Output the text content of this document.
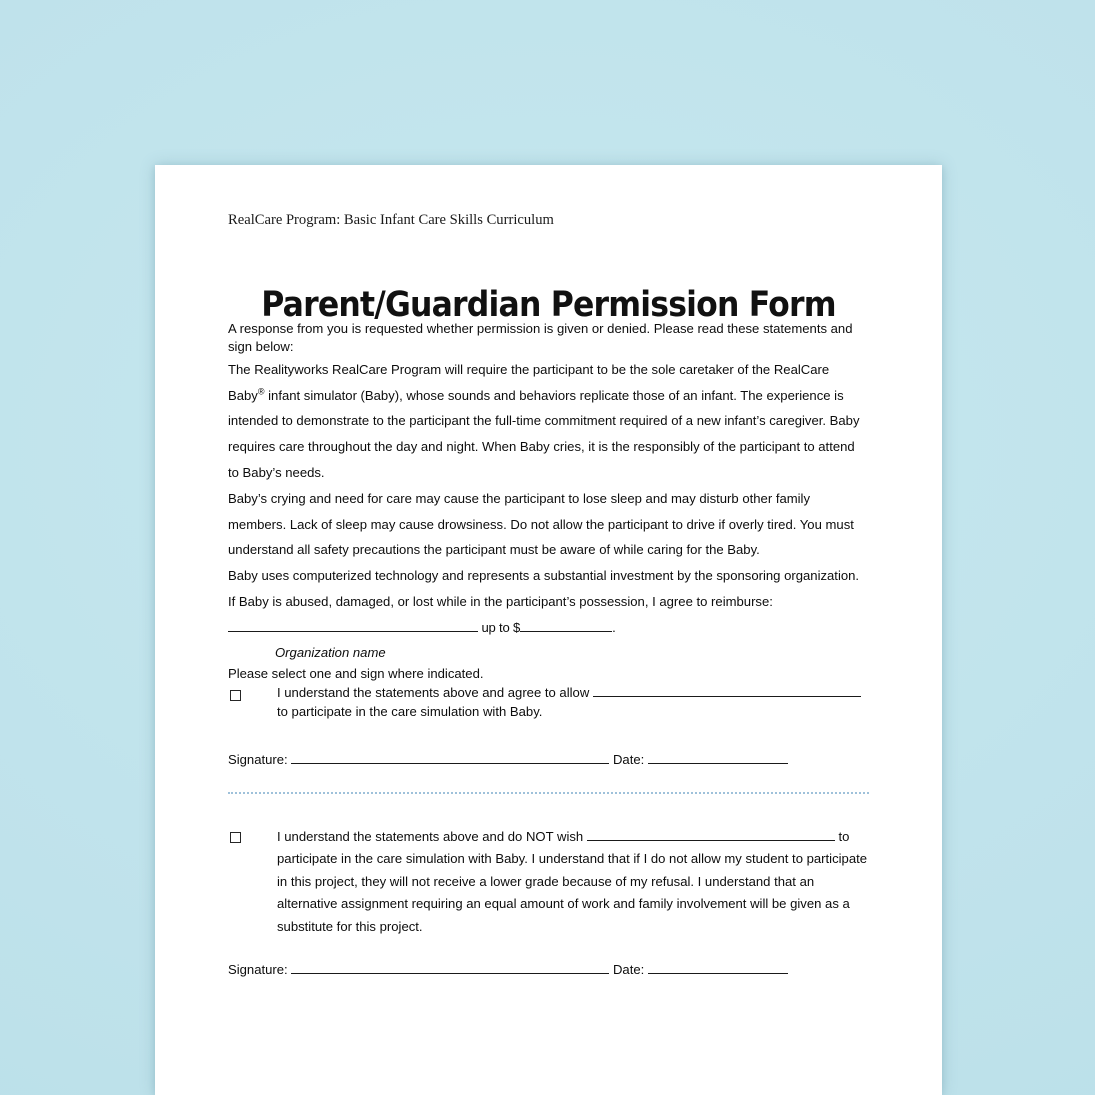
RealCare Program: Basic Infant Care Skills Curriculum
Parent/Guardian Permission Form

A response from you is requested whether permission is given or denied. Please read these statements and sign below:

The Realityworks RealCare Program will require the participant to be the sole caretaker of the RealCare Baby® infant simulator (Baby), whose sounds and behaviors replicate those of an infant. The experience is intended to demonstrate to the participant the full-time commitment required of a new infant’s caregiver. Baby requires care throughout the day and night. When Baby cries, it is the responsibly of the participant to attend to Baby’s needs.

Baby’s crying and need for care may cause the participant to lose sleep and may disturb other family members. Lack of sleep may cause drowsiness. Do not allow the participant to drive if overly tired. You must understand all safety precautions the participant must be aware of while caring for the Baby.

Baby uses computerized technology and represents a substantial investment by the sponsoring organization. If Baby is abused, damaged, or lost while in the participant’s possession, I agree to reimburse:

up to $	.

Organization name

Please select one and sign where indicated.

I understand the statements above and agree to allow
to participate in the care simulation with Baby.

Signature:	Date:

I understand the statements above and do NOT wish	to participate in the care simulation with Baby. I understand that if I do not allow my student to participate in this project, they will not receive a lower grade because of my refusal. I understand that an alternative assignment requiring an equal amount of work and family involvement will be given as a substitute for this project.

Signature:	Date:
